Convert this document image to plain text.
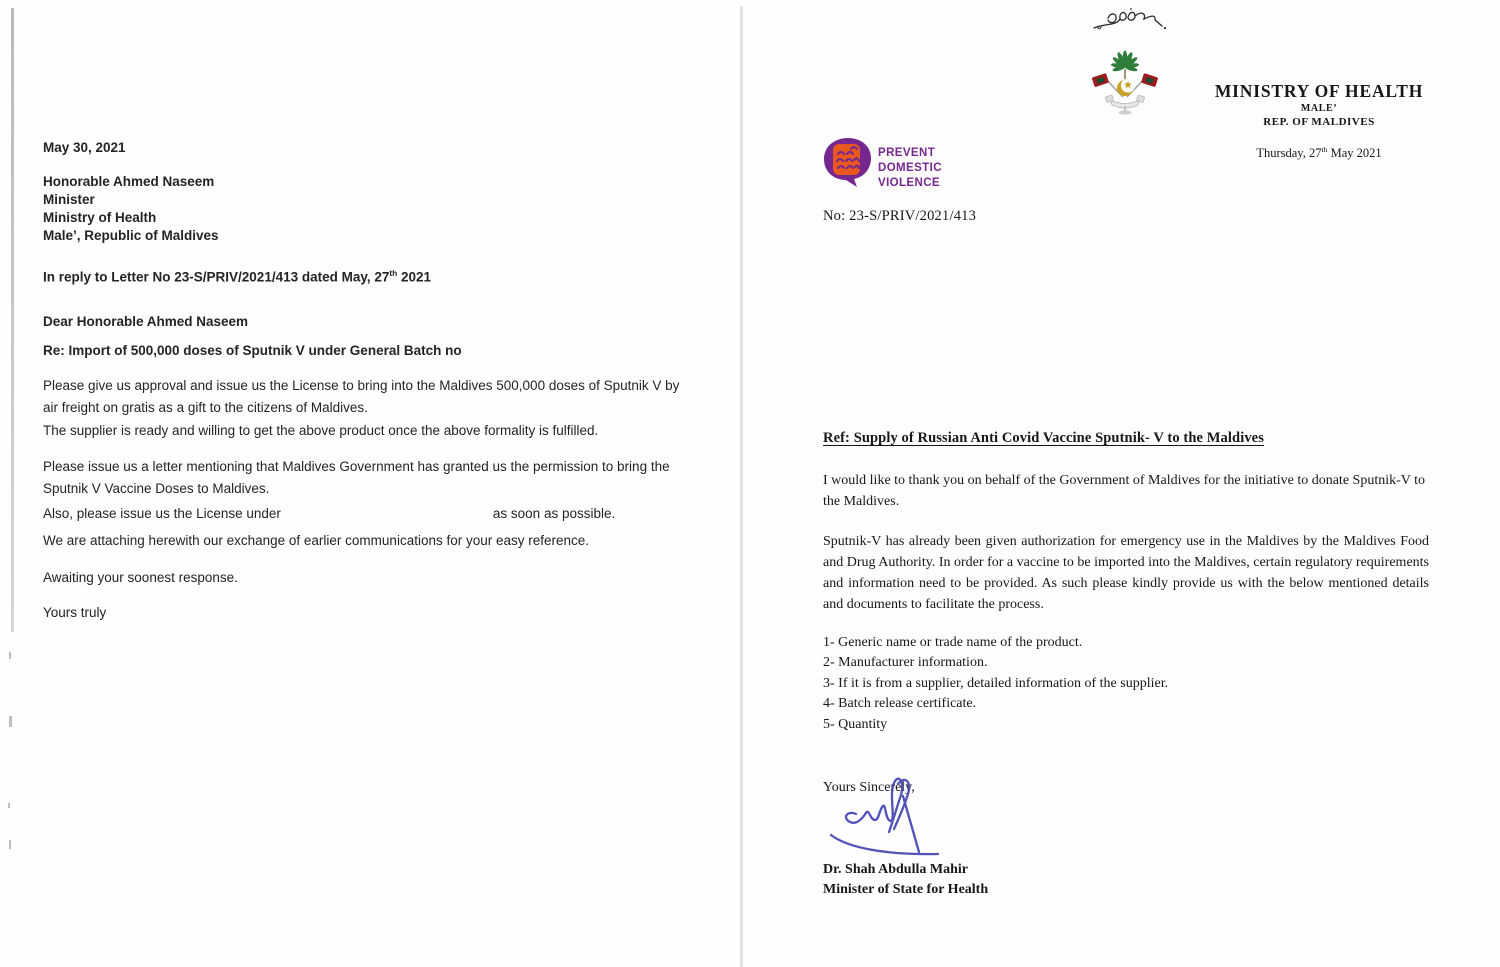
May 30, 2021
Honorable Ahmed Naseem
Minister
Ministry of Health
Male’, Republic of Maldives
In reply to Letter No 23-S/PRIV/2021/413 dated May, 27th 2021
Dear Honorable Ahmed Naseem
Re: Import of 500,000 doses of Sputnik V under General Batch no
Please give us approval and issue us the License to bring into the Maldives 500,000 doses of Sputnik V by air freight on gratis as a gift to the citizens of Maldives.
The supplier is ready and willing to get the above product once the above formality is fulfilled.
Please issue us a letter mentioning that Maldives Government has granted us the permission to bring the Sputnik V Vaccine Doses to Maldives.
Also, please issue us the License under	as soon as possible.
We are attaching herewith our exchange of earlier communications for your easy reference.
Awaiting your soonest response.
Yours truly
MINISTRY OF HEALTH
MALE’
REP. OF MALDIVES
Thursday, 27th May 2021
PREVENT
DOMESTIC
VIOLENCE
No: 23-S/PRIV/2021/413
Ref: Supply of Russian Anti Covid Vaccine Sputnik- V to the Maldives
I would like to thank you on behalf of the Government of Maldives for the initiative to donate Sputnik-V to the Maldives.
Sputnik-V has already been given authorization for emergency use in the Maldives by the Maldives Food and Drug Authority. In order for a vaccine to be imported into the Maldives, certain regulatory requirements and information need to be provided. As such please kindly provide us with the below mentioned details and documents to facilitate the process.
1- Generic name or trade name of the product.
2- Manufacturer information.
3- If it is from a supplier, detailed information of the supplier.
4- Batch release certificate.
5- Quantity
Yours Sincerely,
Dr. Shah Abdulla Mahir
Minister of State for Health
